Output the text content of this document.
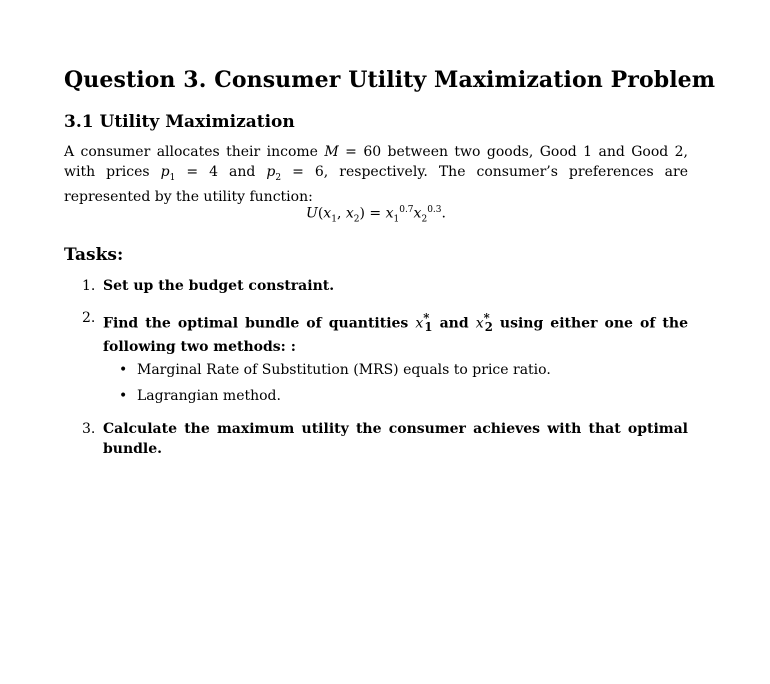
Question 3. Consumer Utility Maximization Problem
3.1 Utility Maximization

A consumer allocates their income M = 60 between two goods, Good 1 and Good 2, with prices $p_1 = 4$ and $p_2 = 6$, respectively. The consumer’s preferences are represented by the utility function:

$U(x_1$, $x_2) = x_1^{0.7}x_2^{0.3}$.
Tasks:
1. Set up the budget constraint.
2. Find the optimal bundle of quantities $x^*_1$ and $x^*_2$ using either one of the following two methods: :
• Marginal Rate of Substitution (MRS) equals to price ratio.
• Lagrangian method.
3. Calculate the maximum utility the consumer achieves with that optimal bundle.
